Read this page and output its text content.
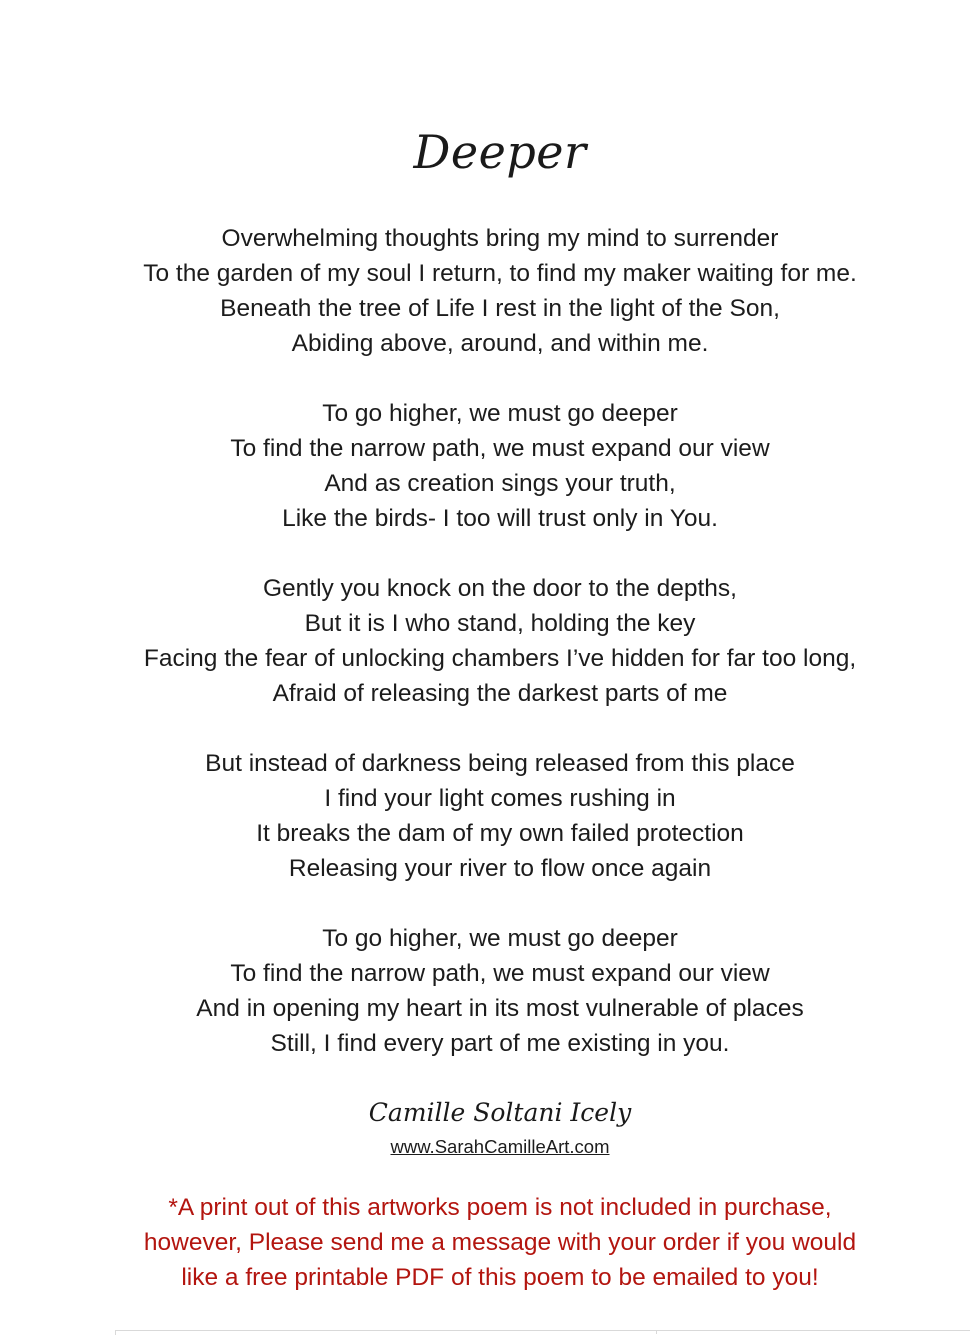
Deeper
Overwhelming thoughts bring my mind to surrender
To the garden of my soul I return, to find my maker waiting for me.
Beneath the tree of Life I rest in the light of the Son,
Abiding above, around, and within me.
To go higher, we must go deeper
To find the narrow path, we must expand our view
And as creation sings your truth,
Like the birds- I too will trust only in You.
Gently you knock on the door to the depths,
But it is I who stand, holding the key
Facing the fear of unlocking chambers I’ve hidden for far too long,
Afraid of releasing the darkest parts of me
But instead of darkness being released from this place
I find your light comes rushing in
It breaks the dam of my own failed protection
Releasing your river to flow once again
To go higher, we must go deeper
To find the narrow path, we must expand our view
And in opening my heart in its most vulnerable of places
Still, I find every part of me existing in you.
Camille Soltani Icely
www.SarahCamilleArt.com
*A print out of this artworks poem is not included in purchase,
however, Please send me a message with your order if you would
like a free printable PDF of this poem to be emailed to you!
